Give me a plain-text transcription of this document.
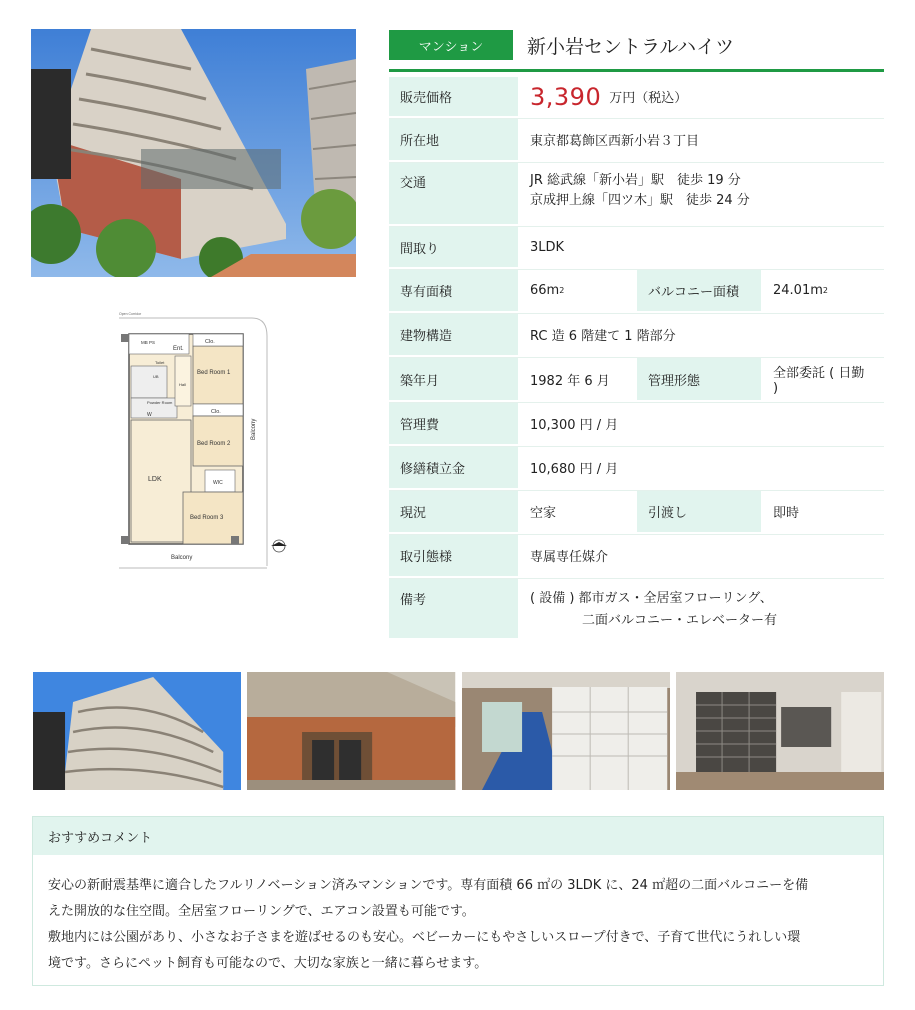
Open Corridor
MB PS
Ent.
Clo.
Bed Room 1
Toilet
UB
Hall
Powder Room
W	Clo.
Bed Room 2
LDK	WIC
Bed Room 3
Balcony
Balcony
マンション	新小岩セントラルハイツ
販売価格	3,390 万円（税込）
所在地	東京都葛飾区西新小岩３丁目
交通	JR 総武線「新小岩」駅　徒歩 19 分
京成押上線「四ツ木」駅　徒歩 24 分
間取り	3LDK
専有面積	66m 2	バルコニー面積	24.01m 2
建物構造	RC 造 6 階建て 1 階部分
築年月	1982 年 6 月	管理形態	全部委託 ( 日勤 )
管理費	10,300 円 / 月
修繕積立金	10,680 円 / 月
現況	空家	引渡し	即時
取引態様	専属専任媒介
備考	( 設備 ) 都市ガス・全居室フローリング、
二面バルコニー・エレベーター有
おすすめコメント

安心の新耐震基準に適合したフルリノベーション済みマンションです。専有面積 66 ㎡の 3LDK に、24 ㎡超の二面バルコニーを備

えた開放的な住空間。全居室フローリングで、エアコン設置も可能です。

敷地内には公園があり、小さなお子さまを遊ばせるのも安心。ベビーカーにもやさしいスロープ付きで、子育て世代にうれしい環

境です。さらにペット飼育も可能なので、大切な家族と一緒に暮らせます。
